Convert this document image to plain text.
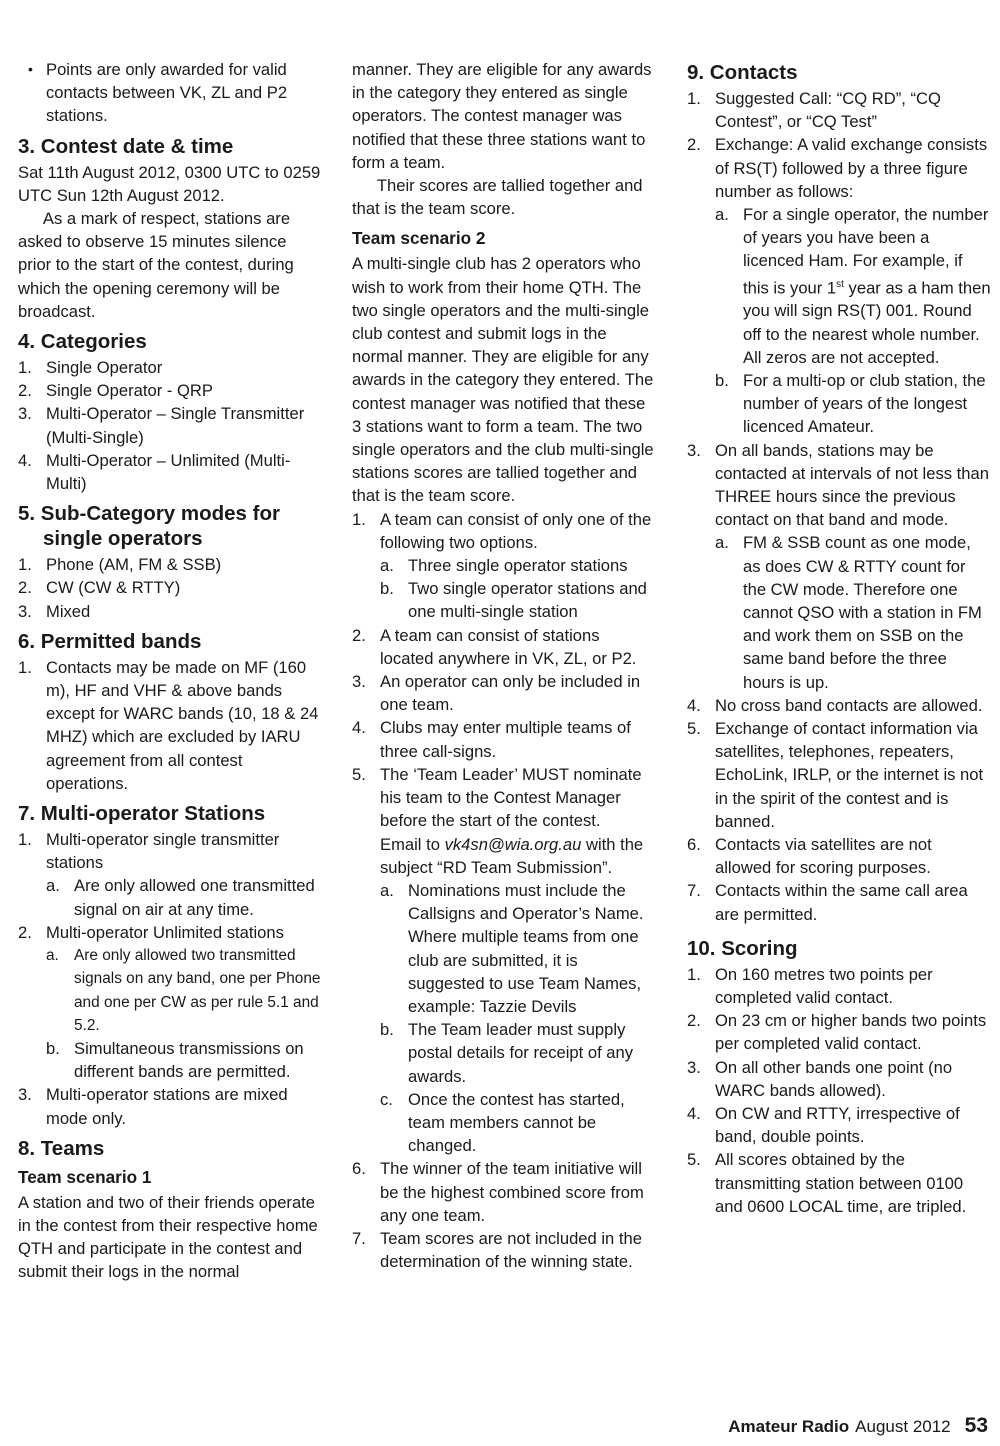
• Points are only awarded for valid contacts between VK, ZL and P2 stations.
3. Contest date & time

Sat 11th August 2012, 0300 UTC to 0259 UTC Sun 12th August 2012.

As a mark of respect, stations are asked to observe 15 minutes silence prior to the start of the contest, during which the opening ceremony will be broadcast.

4. Categories
1. Single Operator
2. Single Operator - QRP
3. Multi-Operator – Single Transmitter (Multi-Single)
4. Multi-Operator – Unlimited (Multi-Multi)
5. Sub-Category modes for single operators
1. Phone (AM, FM & SSB)
2. CW (CW & RTTY)
3. Mixed
6. Permitted bands
1. Contacts may be made on MF (160 m), HF and VHF & above bands except for WARC bands (10, 18 & 24 MHZ) which are excluded by IARU agreement from all contest operations.
7. Multi-operator Stations
1. Multi-operator single transmitter stations
a. Are only allowed one transmitted signal on air at any time.
2. Multi-operator Unlimited stations
a. Are only allowed two transmitted signals on any band, one per Phone and one per CW as per rule 5.1 and 5.2.
b. Simultaneous transmissions on different bands are permitted.
3. Multi-operator stations are mixed mode only.
8. Teams
Team scenario 1

A station and two of their friends operate in the contest from their respective home QTH and participate in the contest and submit their logs in the normal

manner. They are eligible for any awards in the category they entered as single operators. The contest manager was notified that these three stations want to form a team.

Their scores are tallied together and that is the team score.

Team scenario 2

A multi-single club has 2 operators who wish to work from their home QTH. The two single operators and the multi-single club contest and submit logs in the normal manner. They are eligible for any awards in the category they entered. The contest manager was notified that these 3 stations want to form a team. The two single operators and the club multi-single stations scores are tallied together and that is the team score.

1. A team can consist of only one of the following two options.
a. Three single operator stations
b. Two single operator stations and one multi-single station
2. A team can consist of stations located anywhere in VK, ZL, or P2.
3. An operator can only be included in one team.
4. Clubs may enter multiple teams of three call-signs.
5. The ‘Team Leader’ MUST nominate his team to the Contest Manager before the start of the contest.
Email to vk4sn@wia.org.au with the subject “RD Team Submission”.
a. Nominations must include the Callsigns and Operator’s Name. Where multiple teams from one club are submitted, it is suggested to use Team Names, example: Tazzie Devils
b. The Team leader must supply postal details for receipt of any awards.
c. Once the contest has started, team members cannot be changed.
6. The winner of the team initiative will be the highest combined score from any one team.
7. Team scores are not included in the determination of the winning state.
9. Contacts
1. Suggested Call: “CQ RD”, “CQ Contest”, or “CQ Test”
2. Exchange: A valid exchange consists of RS(T) followed by a three figure number as follows:
a. For a single operator, the number of years you have been a licenced Ham. For example, if this is your 1st year as a ham then you will sign RS(T) 001. Round off to the nearest whole number. All zeros are not accepted.
b. For a multi-op or club station, the number of years of the longest licenced Amateur.
3. On all bands, stations may be contacted at intervals of not less than THREE hours since the previous contact on that band and mode.
a. FM & SSB count as one mode, as does CW & RTTY count for the CW mode. Therefore one cannot QSO with a station in FM and work them on SSB on the same band before the three hours is up.
4. No cross band contacts are allowed.
5. Exchange of contact information via satellites, telephones, repeaters, EchoLink, IRLP, or the internet is not in the spirit of the contest and is banned.
6. Contacts via satellites are not allowed for scoring purposes.
7. Contacts within the same call area are permitted.
10. Scoring
1. On 160 metres two points per completed valid contact.
2. On 23 cm or higher bands two points per completed valid contact.
3. On all other bands one point (no WARC bands allowed).
4. On CW and RTTY, irrespective of band, double points.
5. All scores obtained by the transmitting station between 0100 and 0600 LOCAL time, are tripled.
Amateur Radio August 2012 53
